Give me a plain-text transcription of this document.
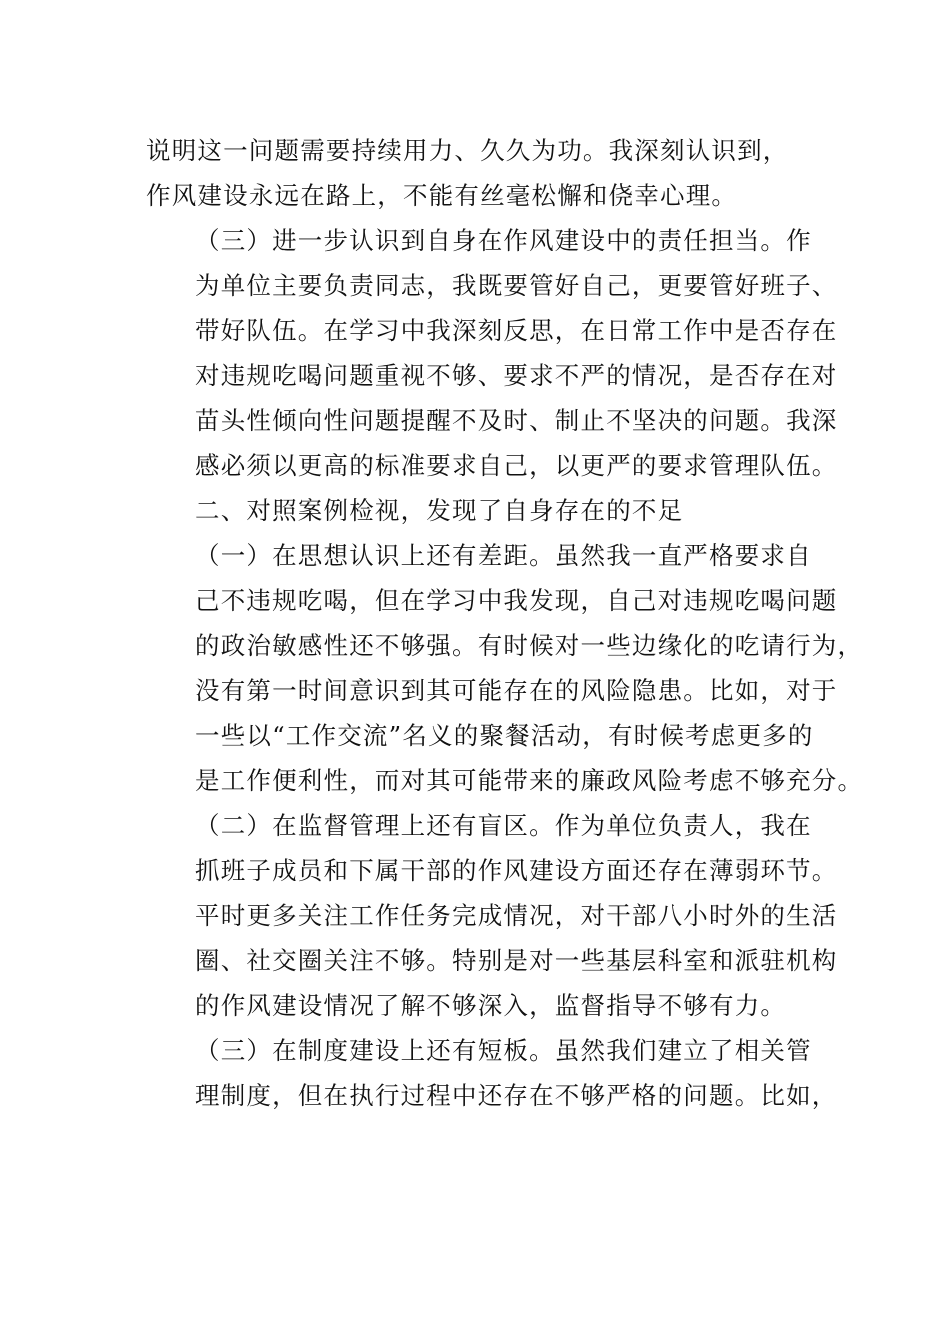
说明这一问题需要持续用力、久久为功。我深刻认识到，
作风建设永远在路上，不能有丝毫松懈和侥幸心理。
（三）进一步认识到自身在作风建设中的责任担当。作
为单位主要负责同志，我既要管好自己，更要管好班子、
带好队伍。在学习中我深刻反思，在日常工作中是否存在
对违规吃喝问题重视不够、要求不严的情况，是否存在对
苗头性倾向性问题提醒不及时、制止不坚决的问题。我深
感必须以更高的标准要求自己，以更严的要求管理队伍。
二、对照案例检视，发现了自身存在的不足
（一）在思想认识上还有差距。虽然我一直严格要求自
己不违规吃喝，但在学习中我发现，自己对违规吃喝问题
的政治敏感性还不够强。有时候对一些边缘化的吃请行为，
没有第一时间意识到其可能存在的风险隐患。比如，对于
一些以“工作交流”名义的聚餐活动，有时候考虑更多的
是工作便利性，而对其可能带来的廉政风险考虑不够充分。
（二）在监督管理上还有盲区。作为单位负责人，我在
抓班子成员和下属干部的作风建设方面还存在薄弱环节。
平时更多关注工作任务完成情况，对干部八小时外的生活
圈、社交圈关注不够。特别是对一些基层科室和派驻机构
的作风建设情况了解不够深入，监督指导不够有力。
（三）在制度建设上还有短板。虽然我们建立了相关管
理制度，但在执行过程中还存在不够严格的问题。比如，
